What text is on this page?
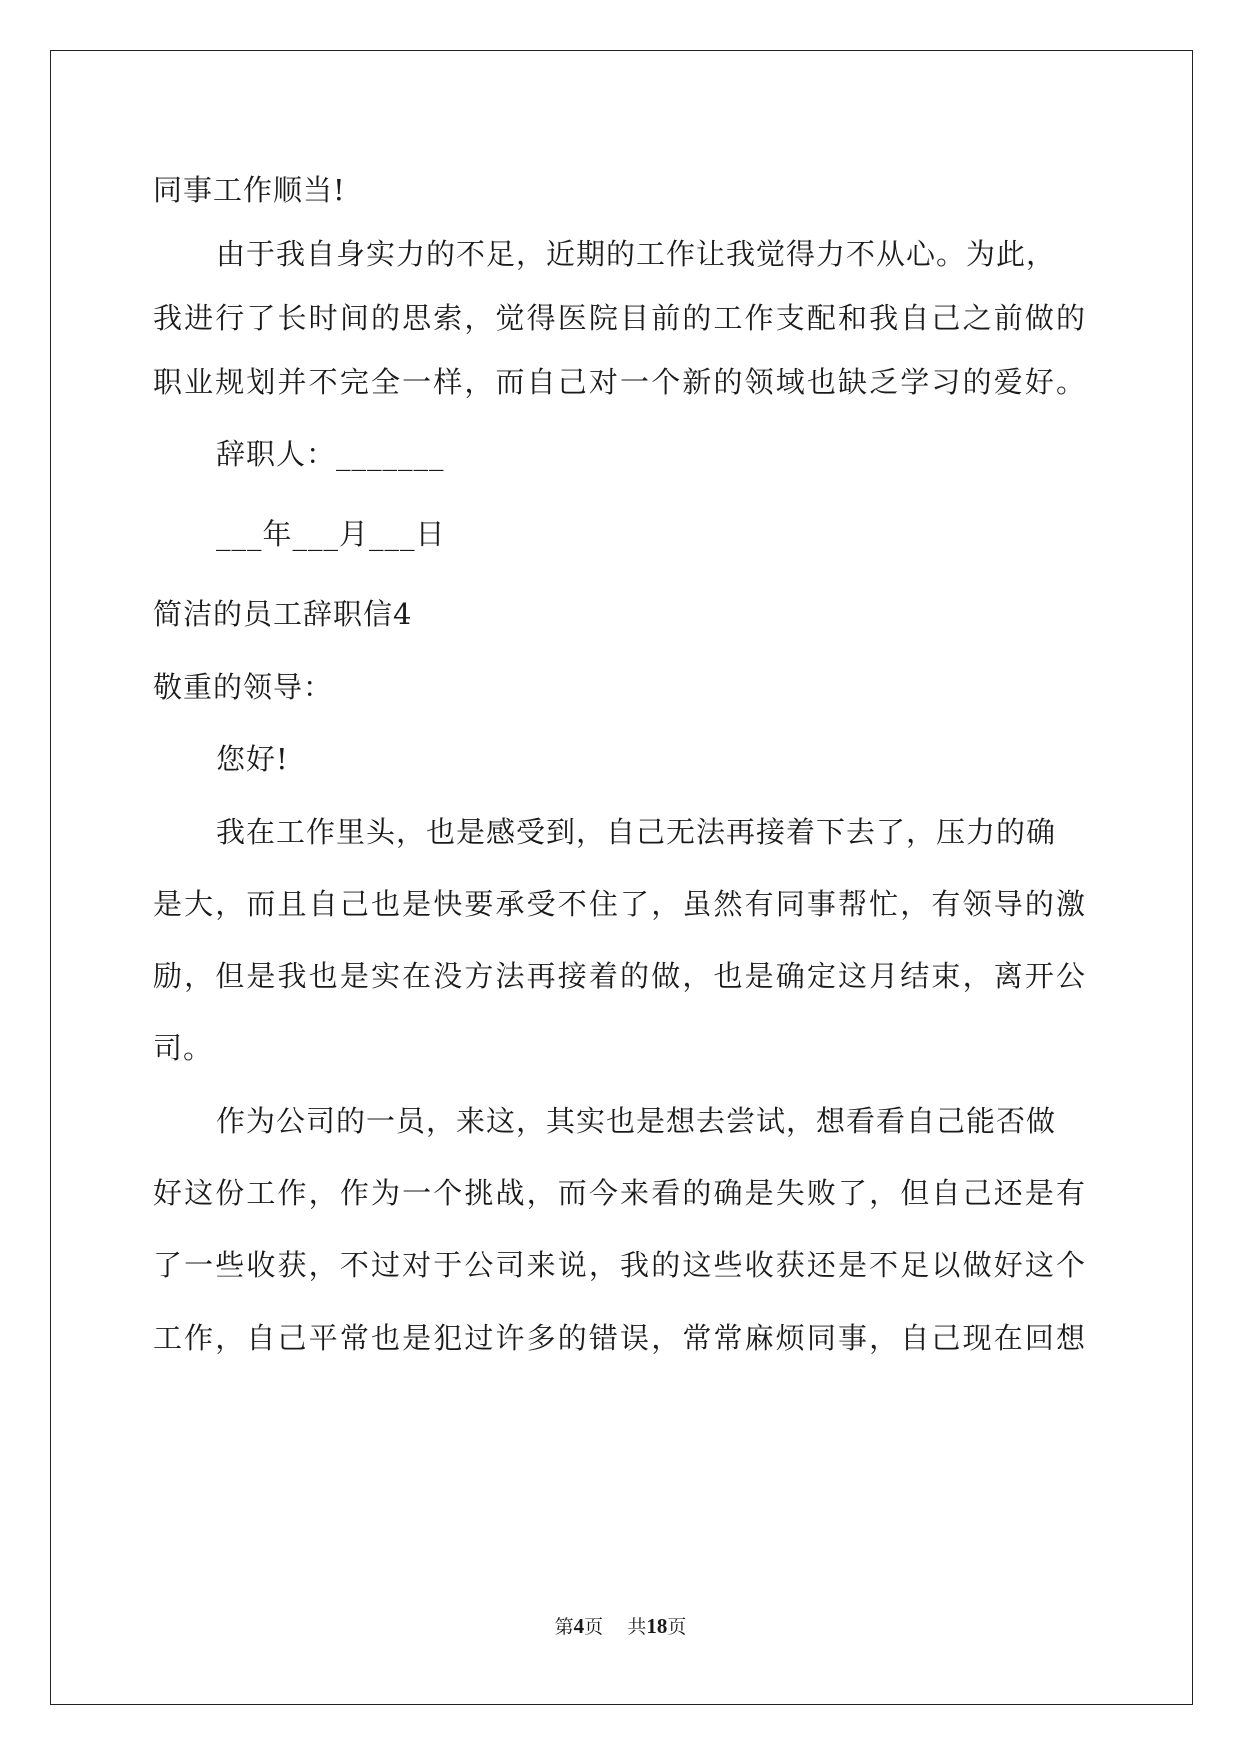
同事工作顺当!
由于我自身实力的不足，近期的工作让我觉得力不从心。为此，
我进行了长时间的思索，觉得医院目前的工作支配和我自己之前做的
职业规划并不完全一样，而自己对一个新的领域也缺乏学习的爱好。
辞职人：_______
___年___月___日
简洁的员工辞职信4
敬重的领导：
您好!
我在工作里头，也是感受到，自己无法再接着下去了，压力的确
是大，而且自己也是快要承受不住了，虽然有同事帮忙，有领导的激
励，但是我也是实在没方法再接着的做，也是确定这月结束，离开公
司。
作为公司的一员，来这，其实也是想去尝试，想看看自己能否做
好这份工作，作为一个挑战，而今来看的确是失败了，但自己还是有
了一些收获，不过对于公司来说，我的这些收获还是不足以做好这个
工作，自己平常也是犯过许多的错误，常常麻烦同事，自己现在回想
第4页 共18页
